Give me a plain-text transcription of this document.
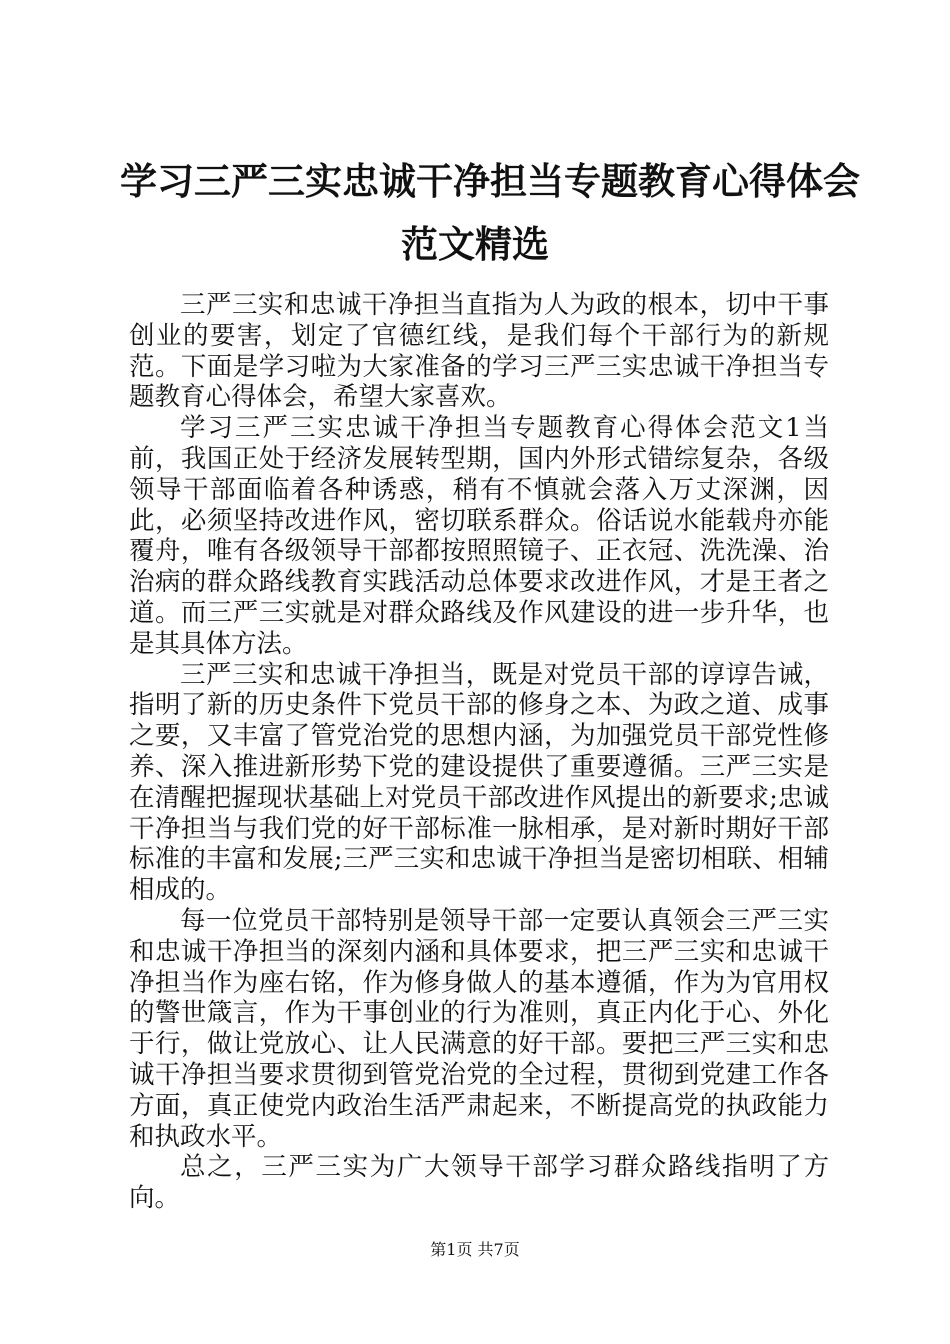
学习三严三实忠诚干净担当专题教育心得体会
范文精选

三严三实和忠诚干净担当直指为人为政的根本，切中干事创业的要害，划定了官德红线，是我们每个干部行为的新规范。下面是学习啦为大家准备的学习三严三实忠诚干净担当专题教育心得体会，希望大家喜欢。

学习三严三实忠诚干净担当专题教育心得体会范文1当前，我国正处于经济发展转型期，国内外形式错综复杂，各级领导干部面临着各种诱惑，稍有不慎就会落入万丈深渊，因此，必须坚持改进作风，密切联系群众。俗话说水能载舟亦能覆舟，唯有各级领导干部都按照照镜子、正衣冠、洗洗澡、治治病的群众路线教育实践活动总体要求改进作风，才是王者之道。而三严三实就是对群众路线及作风建设的进一步升华，也是其具体方法。

三严三实和忠诚干净担当，既是对党员干部的谆谆告诫，指明了新的历史条件下党员干部的修身之本、为政之道、成事之要，又丰富了管党治党的思想内涵，为加强党员干部党性修养、深入推进新形势下党的建设提供了重要遵循。三严三实是在清醒把握现状基础上对党员干部改进作风提出的新要求;忠诚干净担当与我们党的好干部标准一脉相承，是对新时期好干部标准的丰富和发展;三严三实和忠诚干净担当是密切相联、相辅相成的。

每一位党员干部特别是领导干部一定要认真领会三严三实和忠诚干净担当的深刻内涵和具体要求，把三严三实和忠诚干净担当作为座右铭，作为修身做人的基本遵循，作为为官用权的警世箴言，作为干事创业的行为准则，真正内化于心、外化于行，做让党放心、让人民满意的好干部。要把三严三实和忠诚干净担当要求贯彻到管党治党的全过程，贯彻到党建工作各方面，真正使党内政治生活严肃起来，不断提高党的执政能力和执政水平。

总之，三严三实为广大领导干部学习群众路线指明了方向。

第1页 共7页
